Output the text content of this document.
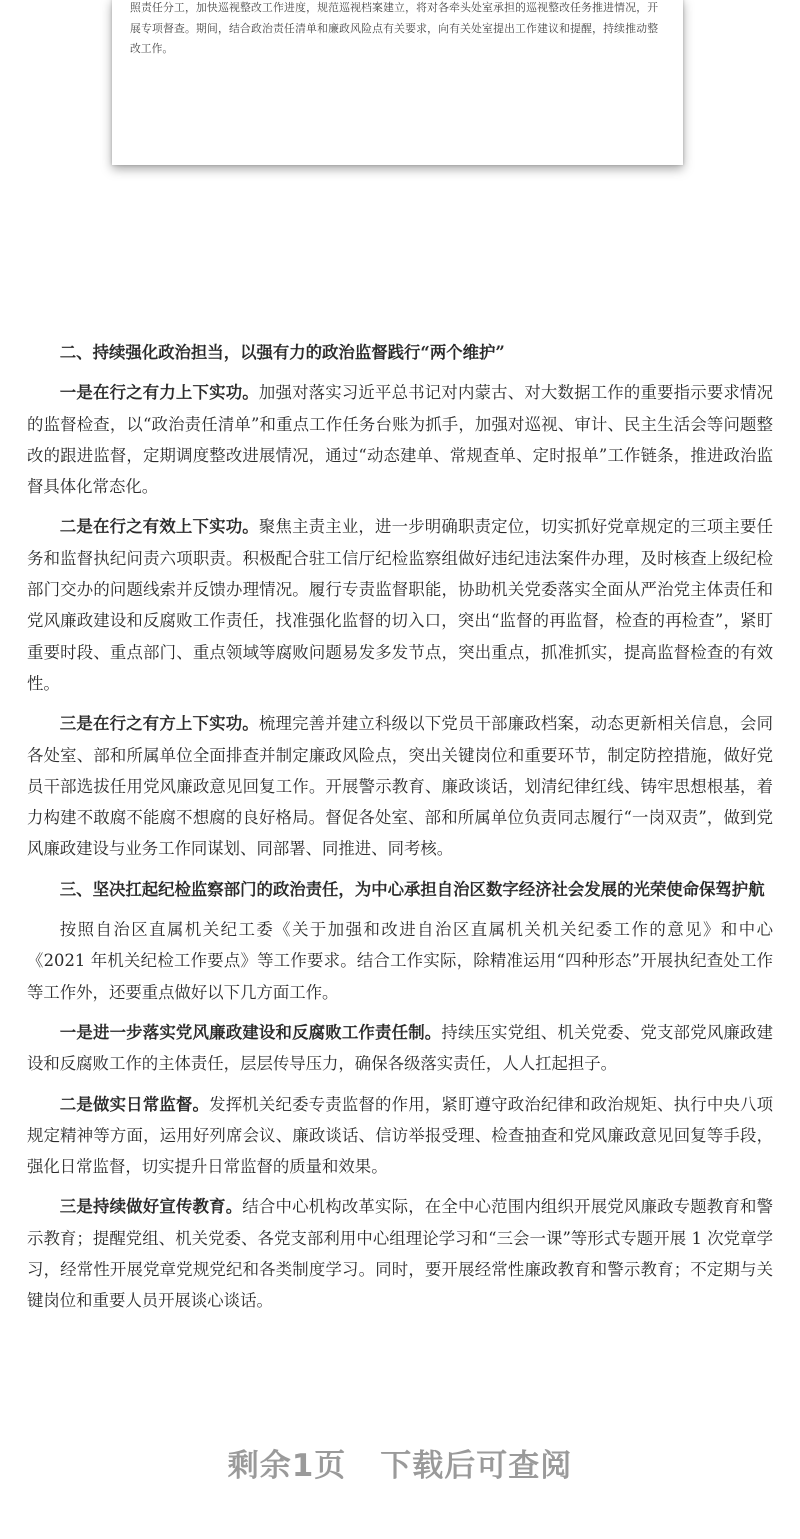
照责任分工，加快巡视整改工作进度，规范巡视档案建立，将对各牵头处室承担的巡视整改任务推进情况，开展专项督查。期间，结合政治责任清单和廉政风险点有关要求，向有关处室提出工作建议和提醒，持续推动整改工作。

二、持续强化政治担当，以强有力的政治监督践行“两个维护”

一是在行之有力上下实功。加强对落实习近平总书记对内蒙古、对大数据工作的重要指示要求情况的监督检查，以“政治责任清单”和重点工作任务台账为抓手，加强对巡视、审计、民主生活会等问题整改的跟进监督，定期调度整改进展情况，通过“动态建单、常规查单、定时报单”工作链条，推进政治监督具体化常态化。

二是在行之有效上下实功。聚焦主责主业，进一步明确职责定位，切实抓好党章规定的三项主要任务和监督执纪问责六项职责。积极配合驻工信厅纪检监察组做好违纪违法案件办理，及时核查上级纪检部门交办的问题线索并反馈办理情况。履行专责监督职能，协助机关党委落实全面从严治党主体责任和党风廉政建设和反腐败工作责任，找准强化监督的切入口，突出“监督的再监督，检查的再检查”，紧盯重要时段、重点部门、重点领域等腐败问题易发多发节点，突出重点，抓准抓实，提高监督检查的有效性。

三是在行之有方上下实功。梳理完善并建立科级以下党员干部廉政档案，动态更新相关信息，会同各处室、部和所属单位全面排查并制定廉政风险点，突出关键岗位和重要环节，制定防控措施，做好党员干部选拔任用党风廉政意见回复工作。开展警示教育、廉政谈话，划清纪律红线、铸牢思想根基，着力构建不敢腐不能腐不想腐的良好格局。督促各处室、部和所属单位负责同志履行“一岗双责”，做到党风廉政建设与业务工作同谋划、同部署、同推进、同考核。

三、坚决扛起纪检监察部门的政治责任，为中心承担自治区数字经济社会发展的光荣使命保驾护航

按照自治区直属机关纪工委《关于加强和改进自治区直属机关机关纪委工作的意见》和中心《2021 年机关纪检工作要点》等工作要求。结合工作实际，除精准运用“四种形态”开展执纪查处工作等工作外，还要重点做好以下几方面工作。

一是进一步落实党风廉政建设和反腐败工作责任制。持续压实党组、机关党委、党支部党风廉政建设和反腐败工作的主体责任，层层传导压力，确保各级落实责任，人人扛起担子。

二是做实日常监督。发挥机关纪委专责监督的作用，紧盯遵守政治纪律和政治规矩、执行中央八项规定精神等方面，运用好列席会议、廉政谈话、信访举报受理、检查抽查和党风廉政意见回复等手段，强化日常监督，切实提升日常监督的质量和效果。

三是持续做好宣传教育。结合中心机构改革实际，在全中心范围内组织开展党风廉政专题教育和警示教育；提醒党组、机关党委、各党支部利用中心组理论学习和“三会一课”等形式专题开展 1 次党章学习，经常性开展党章党规党纪和各类制度学习。同时，要开展经常性廉政教育和警示教育；不定期与关键岗位和重要人员开展谈心谈话。

剩余1页 下载后可查阅
